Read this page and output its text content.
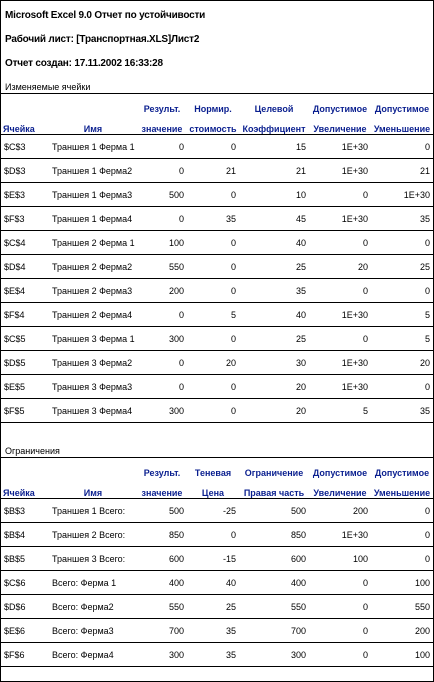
Microsoft Excel 9.0 Отчет по устойчивости
Рабочий лист: [Транспортная.XLS]Лист2
Отчет создан: 17.11.2002 16:33:28
Изменяемые ячейки
		Результ.	Нормир.	Целевой	Допустимое	Допустимое
Ячейка	Имя	значение	стоимость	Коэффициент	Увеличение	Уменьшение
$C$3	Траншея 1 Ферма 1	0	0	15	1E+30	0
$D$3	Траншея 1 Ферма2	0	21	21	1E+30	21
$E$3	Траншея 1 Ферма3	500	0	10	0	1E+30
$F$3	Траншея 1 Ферма4	0	35	45	1E+30	35
$C$4	Траншея 2 Ферма 1	100	0	40	0	0
$D$4	Траншея 2 Ферма2	550	0	25	20	25
$E$4	Траншея 2 Ферма3	200	0	35	0	0
$F$4	Траншея 2 Ферма4	0	5	40	1E+30	5
$C$5	Траншея 3 Ферма 1	300	0	25	0	5
$D$5	Траншея 3 Ферма2	0	20	30	1E+30	20
$E$5	Траншея 3 Ферма3	0	0	20	1E+30	0
$F$5	Траншея 3 Ферма4	300	0	20	5	35
Ограничения
		Результ.	Теневая	Ограничение	Допустимое	Допустимое
Ячейка	Имя	значение	Цена	Правая часть	Увеличение	Уменьшение
$B$3	Траншея 1 Всего:	500	-25	500	200	0
$B$4	Траншея 2 Всего:	850	0	850	1E+30	0
$B$5	Траншея 3 Всего:	600	-15	600	100	0
$C$6	Всего: Ферма 1	400	40	400	0	100
$D$6	Всего: Ферма2	550	25	550	0	550
$E$6	Всего: Ферма3	700	35	700	0	200
$F$6	Всего: Ферма4	300	35	300	0	100
